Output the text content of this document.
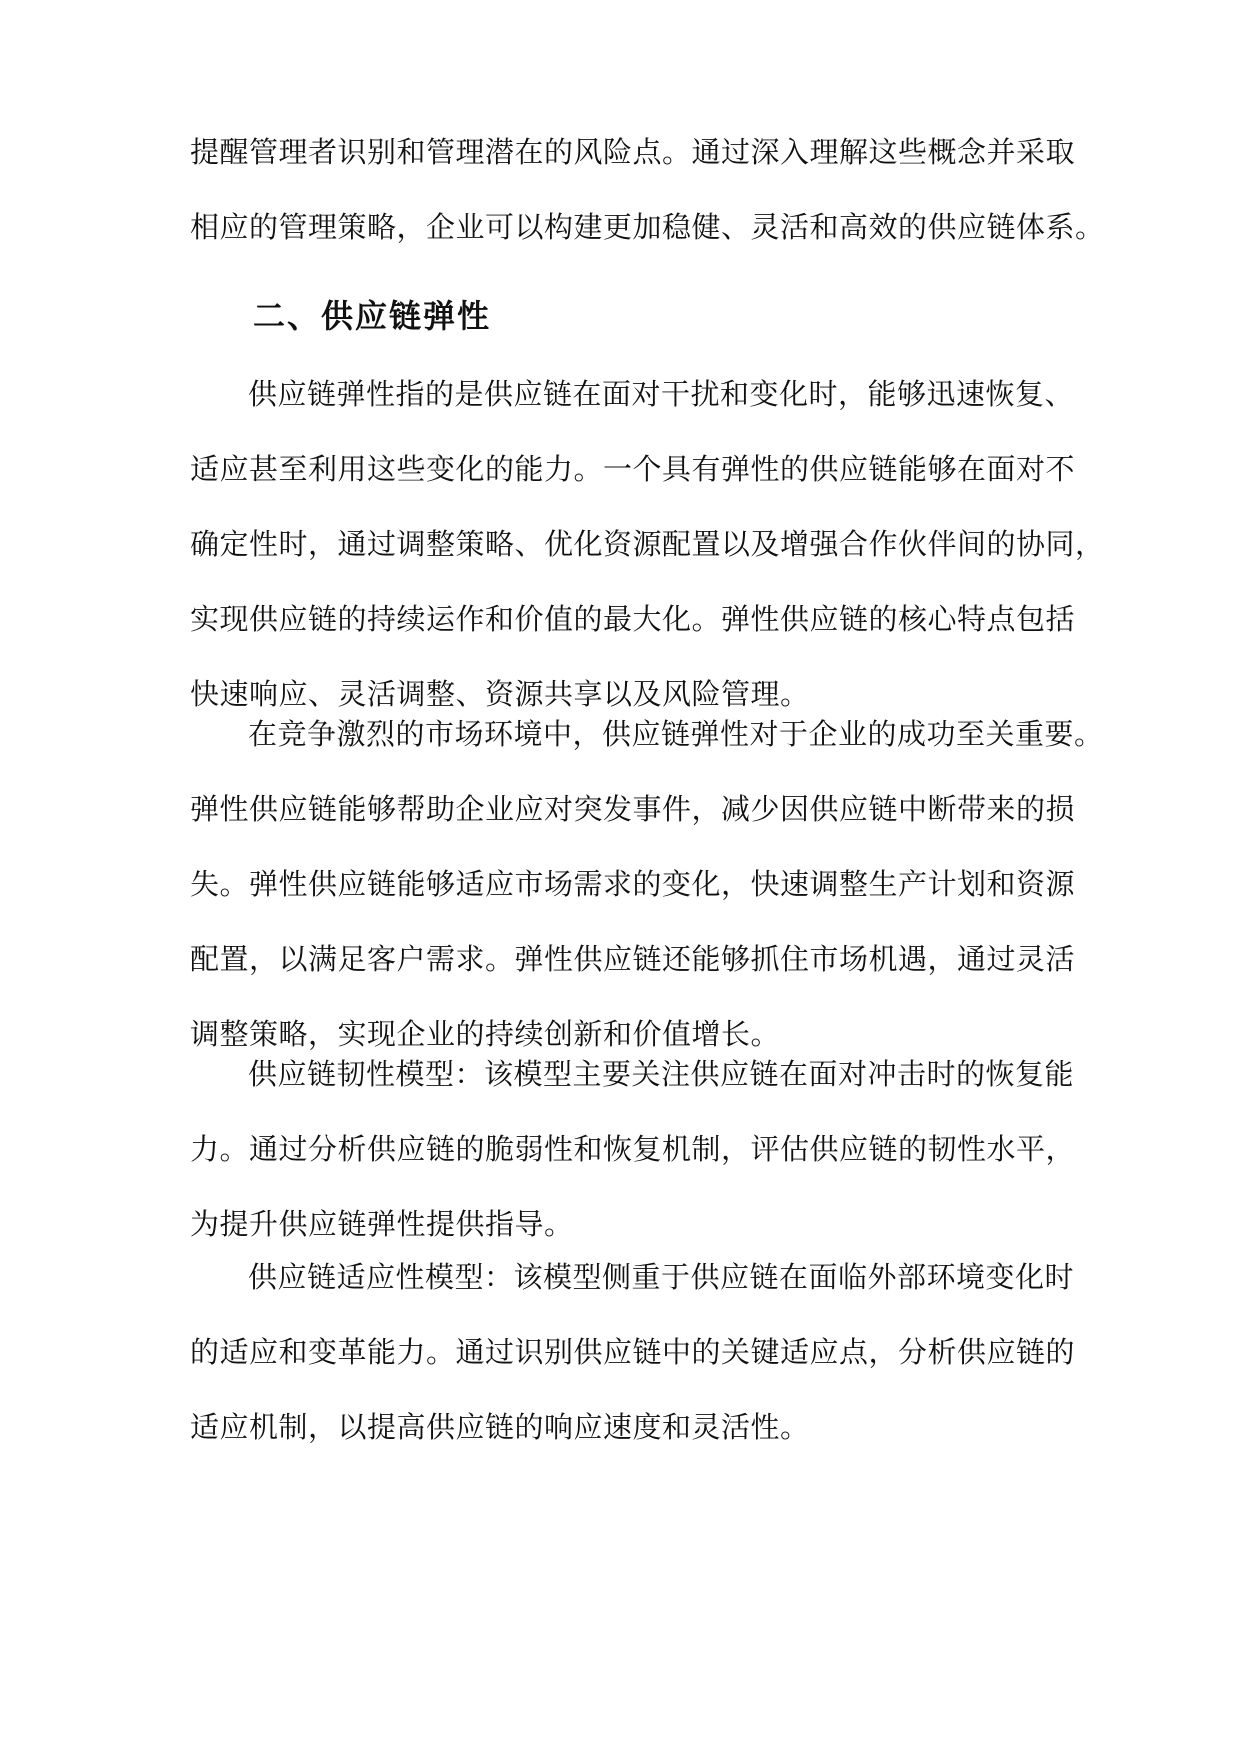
提醒管理者识别和管理潜在的风险点。通过深入理解这些概念并采取
相应的管理策略，企业可以构建更加稳健、灵活和高效的供应链体系。

二、供应链弹性

供应链弹性指的是供应链在面对干扰和变化时，能够迅速恢复、
适应甚至利用这些变化的能力。一个具有弹性的供应链能够在面对不
确定性时，通过调整策略、优化资源配置以及增强合作伙伴间的协同，
实现供应链的持续运作和价值的最大化。弹性供应链的核心特点包括
快速响应、灵活调整、资源共享以及风险管理。

在竞争激烈的市场环境中，供应链弹性对于企业的成功至关重要。
弹性供应链能够帮助企业应对突发事件，减少因供应链中断带来的损
失。弹性供应链能够适应市场需求的变化，快速调整生产计划和资源
配置，以满足客户需求。弹性供应链还能够抓住市场机遇，通过灵活
调整策略，实现企业的持续创新和价值增长。

供应链韧性模型：该模型主要关注供应链在面对冲击时的恢复能
力。通过分析供应链的脆弱性和恢复机制，评估供应链的韧性水平，
为提升供应链弹性提供指导。

供应链适应性模型：该模型侧重于供应链在面临外部环境变化时
的适应和变革能力。通过识别供应链中的关键适应点，分析供应链的
适应机制，以提高供应链的响应速度和灵活性。
